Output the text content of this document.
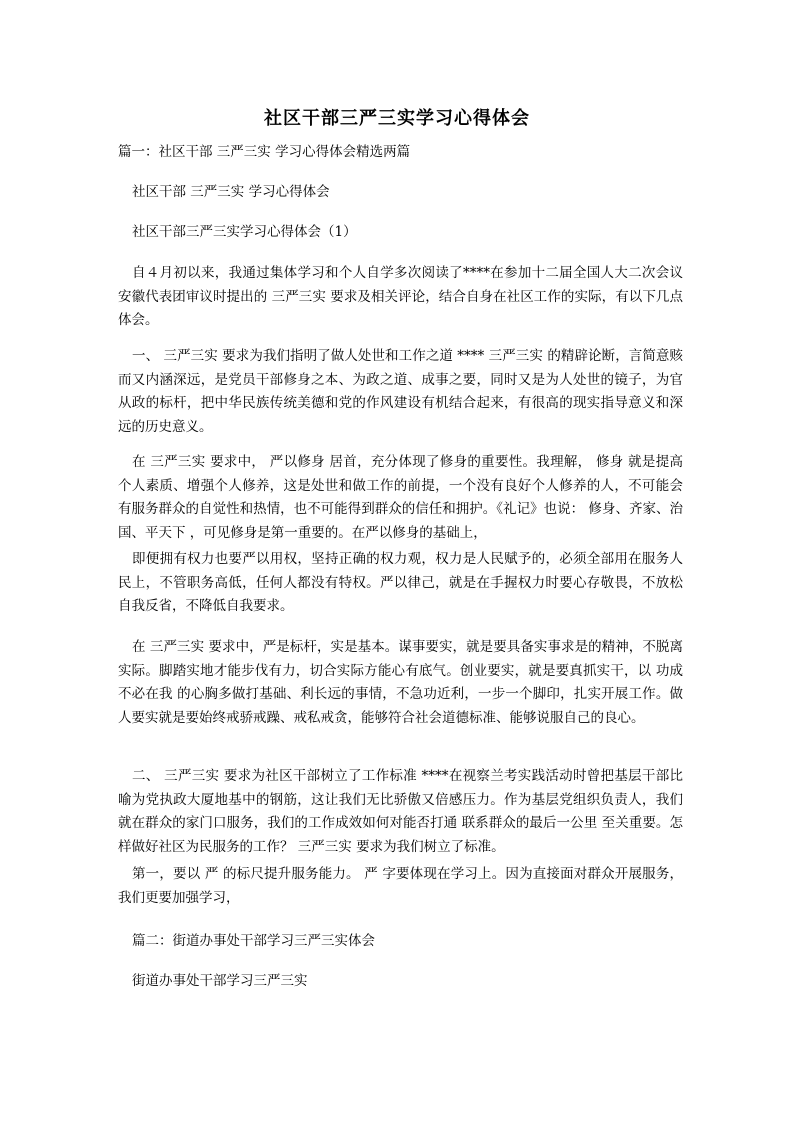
社区干部三严三实学习心得体会

篇一：社区干部 三严三实 学习心得体会精选两篇

社区干部 三严三实 学习心得体会

社区干部三严三实学习心得体会（1）

自４月初以来，我通过集体学习和个人自学多次阅读了****在参加十二届全国人大二次会议安徽代表团审议时提出的 三严三实 要求及相关评论，结合自身在社区工作的实际，有以下几点体会。

一、 三严三实 要求为我们指明了做人处世和工作之道 **** 三严三实 的精辟论断，言简意赅而又内涵深远，是党员干部修身之本、为政之道、成事之要，同时又是为人处世的镜子，为官从政的标杆，把中华民族传统美德和党的作风建设有机结合起来，有很高的现实指导意义和深远的历史意义。

在 三严三实 要求中， 严以修身 居首，充分体现了修身的重要性。我理解， 修身 就是提高个人素质、增强个人修养，这是处世和做工作的前提，一个没有良好个人修养的人，不可能会有服务群众的自觉性和热情，也不可能得到群众的信任和拥护。《礼记》也说： 修身、齐家、治国、平天下 ，可见修身是第一重要的。在严以修身的基础上，

即便拥有权力也要严以用权，坚持正确的权力观，权力是人民赋予的，必须全部用在服务人民上，不管职务高低，任何人都没有特权。严以律己，就是在手握权力时要心存敬畏，不放松自我反省，不降低自我要求。

在 三严三实 要求中，严是标杆，实是基本。谋事要实，就是要具备实事求是的精神，不脱离实际。脚踏实地才能步伐有力，切合实际方能心有底气。创业要实，就是要真抓实干，以 功成不必在我 的心胸多做打基础、利长远的事情，不急功近利，一步一个脚印，扎实开展工作。做人要实就是要始终戒骄戒躁、戒私戒贪，能够符合社会道德标准、能够说服自己的良心。

二、 三严三实 要求为社区干部树立了工作标准 ****在视察兰考实践活动时曾把基层干部比喻为党执政大厦地基中的钢筋，这让我们无比骄傲又倍感压力。作为基层党组织负责人，我们就在群众的家门口服务，我们的工作成效如何对能否打通 联系群众的最后一公里 至关重要。怎样做好社区为民服务的工作？ 三严三实 要求为我们树立了标准。

第一，要以 严 的标尺提升服务能力。 严 字要体现在学习上。因为直接面对群众开展服务，我们更要加强学习，

篇二：街道办事处干部学习三严三实体会

街道办事处干部学习三严三实
